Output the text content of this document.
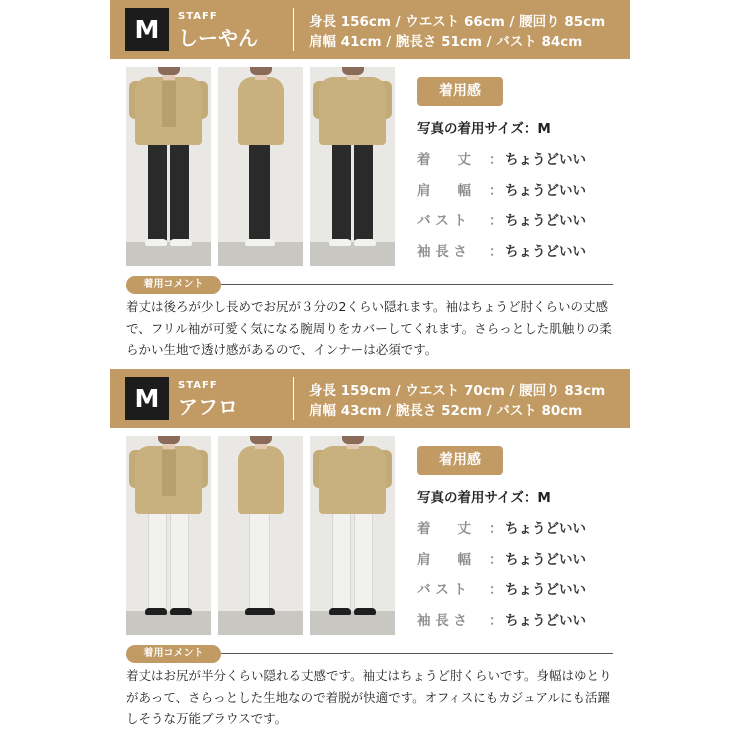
M	STAFF
しーやん
身長 156cm / ウエスト 66cm / 腰回り 85cm
肩幅 41cm / 腕長さ 51cm / バスト 84cm
着用感
写真の着用サイズ：M
着　　丈 ： ちょうどいい
肩　　幅 ： ちょうどいい
バ ス ト ： ちょうどいい
袖 長 さ ： ちょうどいい
着用コメント
着丈は後ろが少し長めでお尻が３分の2くらい隠れます。袖はちょうど肘くらいの丈感で、フリル袖が可愛く気になる腕周りをカバーしてくれます。さらっとした肌触りの柔らかい生地で透け感があるので、インナーは必須です。
M	STAFF
アフロ
身長 159cm / ウエスト 70cm / 腰回り 83cm
肩幅 43cm / 腕長さ 52cm / バスト 80cm
着用感
写真の着用サイズ：M
着　　丈 ： ちょうどいい
肩　　幅 ： ちょうどいい
バ ス ト ： ちょうどいい
袖 長 さ ： ちょうどいい
着用コメント
着丈はお尻が半分くらい隠れる丈感です。袖丈はちょうど肘くらいです。身幅はゆとりがあって、さらっとした生地なので着脱が快適です。オフィスにもカジュアルにも活躍しそうな万能ブラウスです。
